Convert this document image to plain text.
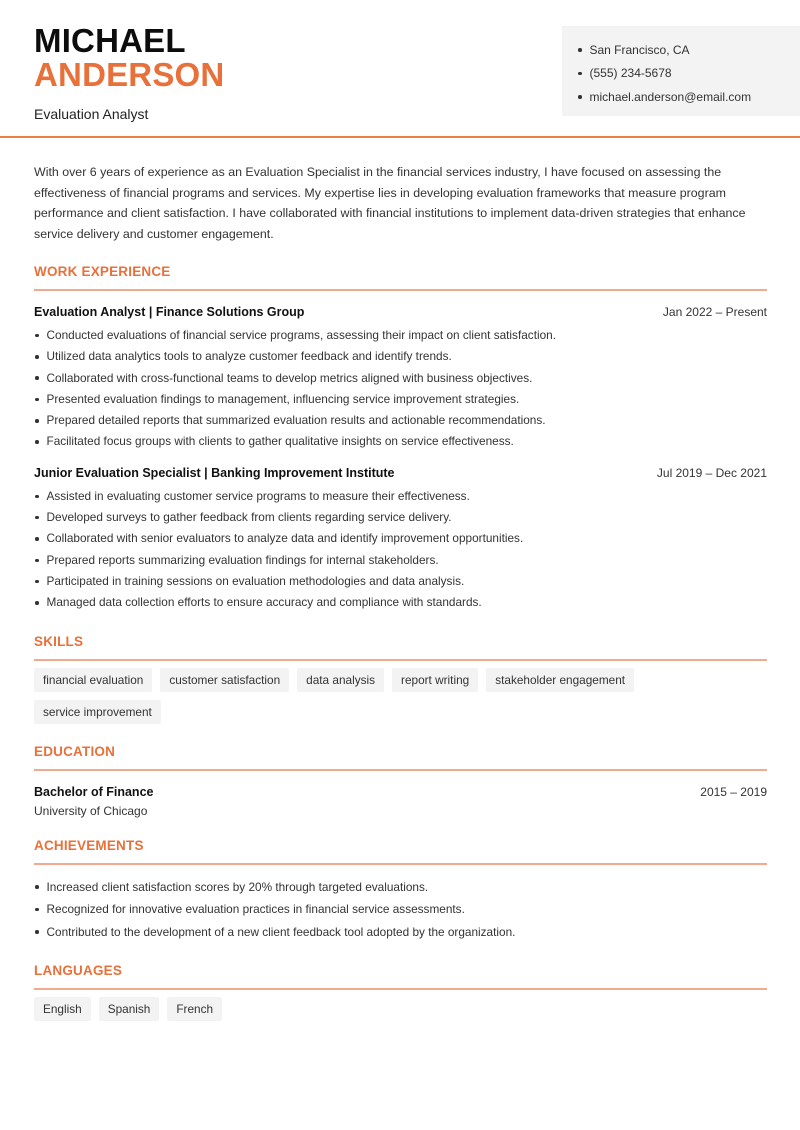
MICHAEL
ANDERSON
Evaluation Analyst
San Francisco, CA
(555) 234-5678
michael.anderson@email.com

With over 6 years of experience as an Evaluation Specialist in the financial services industry, I have focused on assessing the effectiveness of financial programs and services. My expertise lies in developing evaluation frameworks that measure program performance and client satisfaction. I have collaborated with financial institutions to implement data-driven strategies that enhance service delivery and customer engagement.

WORK EXPERIENCE
Evaluation Analyst | Finance Solutions Group	Jan 2022 – Present
Conducted evaluations of financial service programs, assessing their impact on client satisfaction.
Utilized data analytics tools to analyze customer feedback and identify trends.
Collaborated with cross-functional teams to develop metrics aligned with business objectives.
Presented evaluation findings to management, influencing service improvement strategies.
Prepared detailed reports that summarized evaluation results and actionable recommendations.
Facilitated focus groups with clients to gather qualitative insights on service effectiveness.
Junior Evaluation Specialist | Banking Improvement Institute	Jul 2019 – Dec 2021
Assisted in evaluating customer service programs to measure their effectiveness.
Developed surveys to gather feedback from clients regarding service delivery.
Collaborated with senior evaluators to analyze data and identify improvement opportunities.
Prepared reports summarizing evaluation findings for internal stakeholders.
Participated in training sessions on evaluation methodologies and data analysis.
Managed data collection efforts to ensure accuracy and compliance with standards.
SKILLS
financial evaluation	customer satisfaction	data analysis	report writing	stakeholder engagement
service improvement
EDUCATION
Bachelor of Finance	2015 – 2019
University of Chicago
ACHIEVEMENTS
Increased client satisfaction scores by 20% through targeted evaluations.
Recognized for innovative evaluation practices in financial service assessments.
Contributed to the development of a new client feedback tool adopted by the organization.
LANGUAGES
English	Spanish	French
